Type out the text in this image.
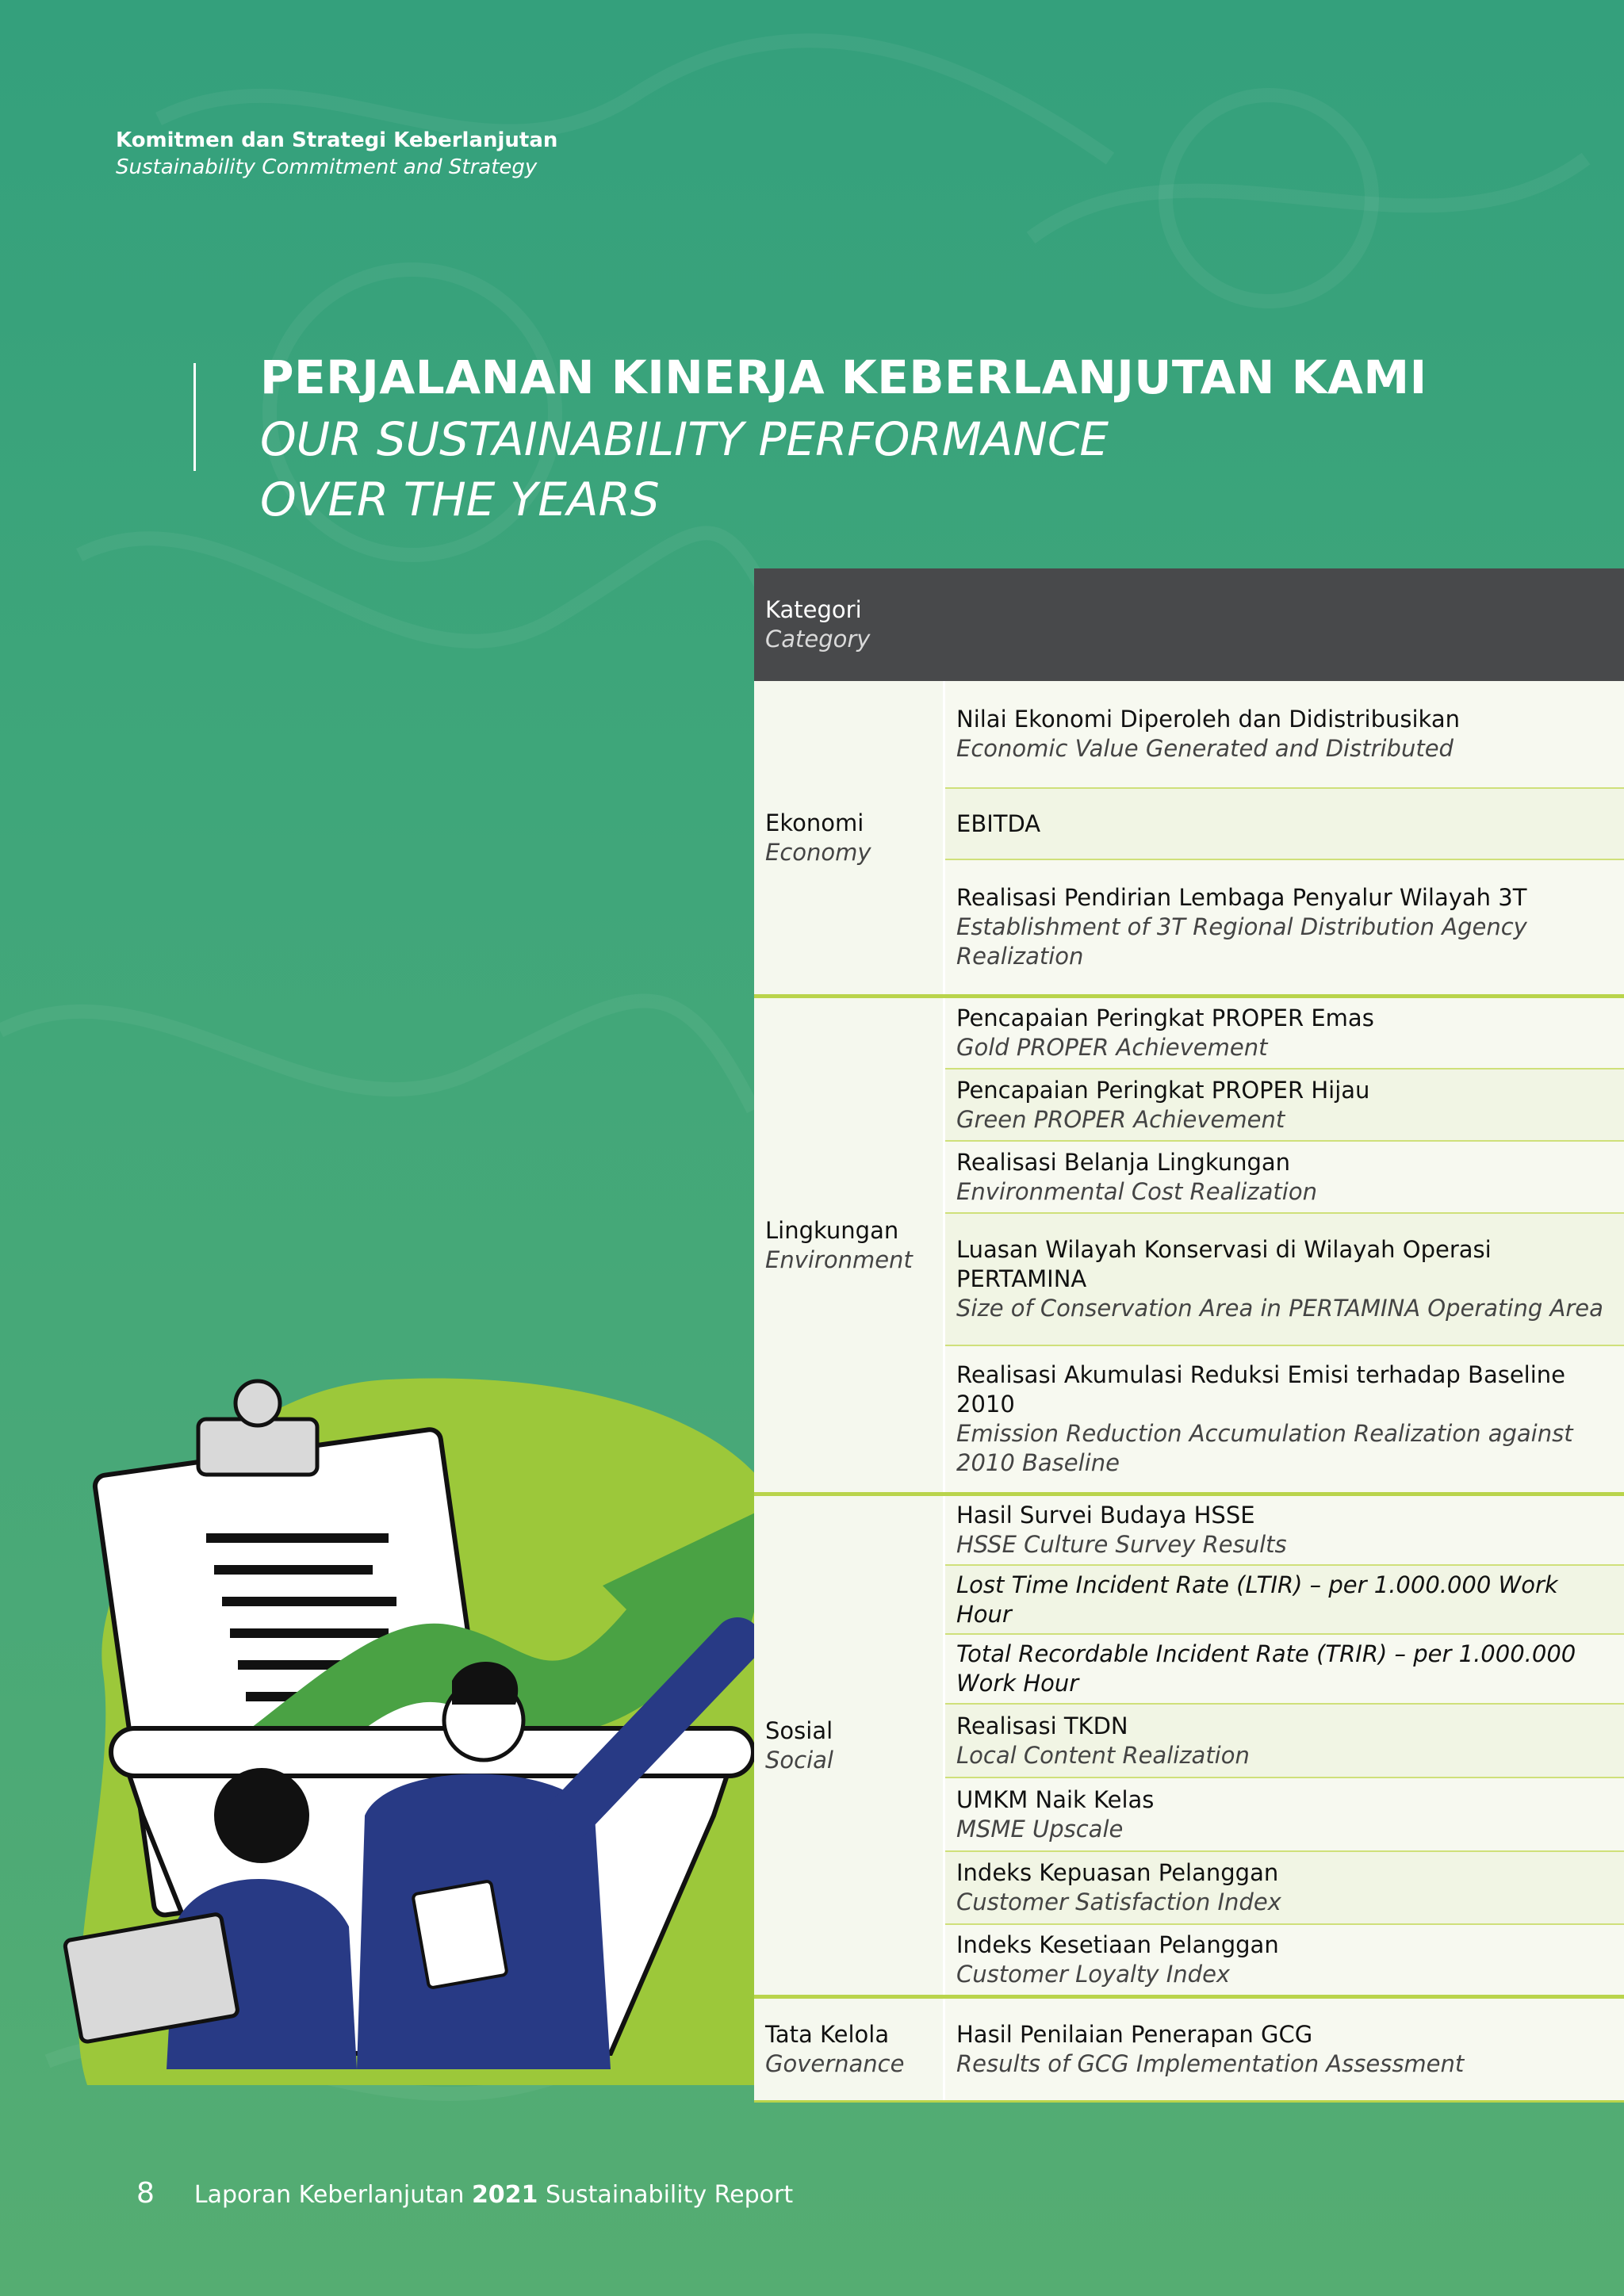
Komitmen dan Strategi Keberlanjutan
Sustainability Commitment and Strategy
PERJALANAN KINERJA KEBERLANJUTAN KAMI
OUR SUSTAINABILITY PERFORMANCE
OVER THE YEARS
Kategori
Category
Ekonomi
Economy
Nilai Ekonomi Diperoleh dan Didistribusikan
Economic Value Generated and Distributed
EBITDA
Realisasi Pendirian Lembaga Penyalur Wilayah 3T
Establishment of 3T Regional Distribution Agency Realization
Lingkungan
Environment
Pencapaian Peringkat PROPER Emas
Gold PROPER Achievement
Pencapaian Peringkat PROPER Hijau
Green PROPER Achievement
Realisasi Belanja Lingkungan
Environmental Cost Realization
Luasan Wilayah Konservasi di Wilayah Operasi PERTAMINA
Size of Conservation Area in PERTAMINA Operating Area
Realisasi Akumulasi Reduksi Emisi terhadap Baseline 2010
Emission Reduction Accumulation Realization against 2010 Baseline
Sosial
Social
Hasil Survei Budaya HSSE
HSSE Culture Survey Results
Lost Time Incident Rate (LTIR) – per 1.000.000 Work Hour
Total Recordable Incident Rate (TRIR) – per 1.000.000 Work Hour
Realisasi TKDN
Local Content Realization
UMKM Naik Kelas
MSME Upscale
Indeks Kepuasan Pelanggan
Customer Satisfaction Index
Indeks Kesetiaan Pelanggan
Customer Loyalty Index
Tata Kelola
Governance
Hasil Penilaian Penerapan GCG
Results of GCG Implementation Assessment
8 Laporan Keberlanjutan 2021 Sustainability Report
